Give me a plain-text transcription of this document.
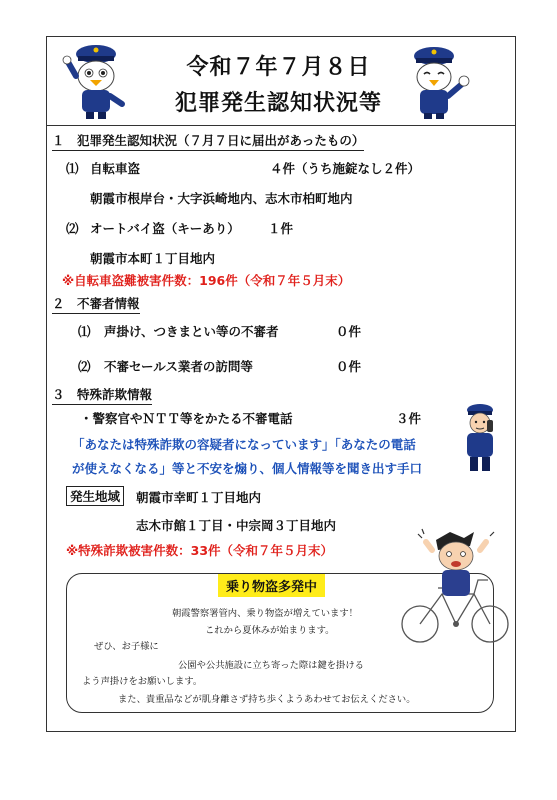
令和７年７月８日
犯罪発生認知状況等
１　犯罪発生認知状況（７月７日に届出があったもの）
⑴ 自転車盗	４件（うち施錠なし２件）
朝霞市根岸台・大字浜崎地内、志木市柏町地内
⑵ オートバイ盗（キーあり） １件
朝霞市本町１丁目地内
※自転車盗難被害件数：196件（令和７年５月末）
２　不審者情報
⑴ 声掛け、つきまとい等の不審者	０件
⑵ 不審セールス業者の訪問等	０件
３　特殊詐欺情報
・警察官やＮＴＴ等をかたる不審電話	３件
「あなたは特殊詐欺の容疑者になっています」「あなたの電話
が使えなくなる」等と不安を煽り、個人情報等を聞き出す手口
発生地域	朝霞市幸町１丁目地内
志木市館１丁目・中宗岡３丁目地内
※特殊詐欺被害件数：33件（令和７年５月末）
乗り物盗多発中
朝霞警察署管内、乗り物盗が増えています！
これから夏休みが始まります。
ぜひ、お子様に
公園や公共施設に立ち寄った際は鍵を掛ける
よう声掛けをお願いします。
また、貴重品などが肌身離さず持ち歩くようあわせてお伝えください。
